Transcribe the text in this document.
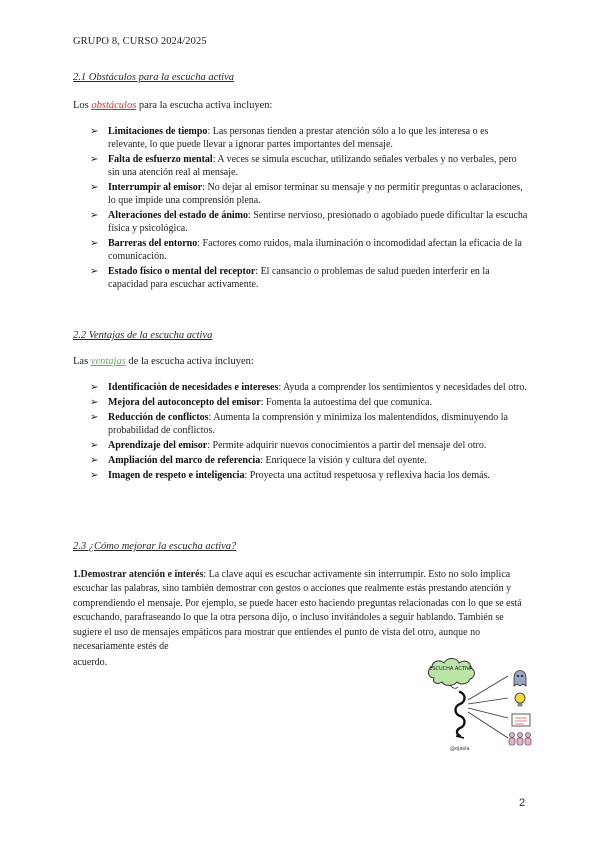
GRUPO 8, CURSO 2024/2025
2.1 Obstáculos para la escucha activa
Los obstáculos para la escucha activa incluyen:
➢ Limitaciones de tiempo: Las personas tienden a prestar atención sólo a lo que les interesa o es relevante, lo que puede llevar a ignorar partes importantes del mensaje.
➢ Falta de esfuerzo mental: A veces se simula escuchar, utilizando señales verbales y no verbales, pero sin una atención real al mensaje.
➢ Interrumpir al emisor: No dejar al emisor terminar su mensaje y no permitir preguntas o aclaraciones, lo que impide una comprensión plena.
➢ Alteraciones del estado de ánimo: Sentirse nervioso, presionado o agobiado puede dificultar la escucha física y psicológica.
➢ Barreras del entorno: Factores como ruidos, mala iluminación o incomodidad afectan la eficacia de la comunicación.
➢ Estado físico o mental del receptor: El cansancio o problemas de salud pueden interferir en la capacidad para escuchar activamente.
2.2 Ventajas de la escucha activa
Las ventajas de la escucha activa incluyen:
➢ Identificación de necesidades e intereses: Ayuda a comprender los sentimientos y necesidades del otro.
➢ Mejora del autoconcepto del emisor: Fomenta la autoestima del que comunica.
➢ Reducción de conflictos: Aumenta la comprensión y minimiza los malentendidos, disminuyendo la probabilidad de conflictos.
➢ Aprendizaje del emisor: Permite adquirir nuevos conocimientos a partir del mensaje del otro.
➢ Ampliación del marco de referencia: Enriquece la visión y cultura del oyente.
➢ Imagen de respeto e inteligencia: Proyecta una actitud respetuosa y reflexiva hacia los demás.
2.3 ¿Cómo mejorar la escucha activa?
1.Demostrar atención e interés: La clave aquí es escuchar activamente sin interrumpir. Esto no solo implica escuchar las palabras, sino también demostrar con gestos o acciones que realmente estás prestando atención y comprendiendo el mensaje. Por ejemplo, se puede hacer esto haciendo preguntas relacionadas con lo que se está escuchando, parafraseando lo que la otra persona dijo, o incluso invitándoles a seguir hablando. También se sugiere el uso de mensajes empáticos para mostrar que entiendes el punto de vista del otro, aunque no necesariamente estés de
acuerdo.
ESCUCHA ACTIVA
@ojesla
2
